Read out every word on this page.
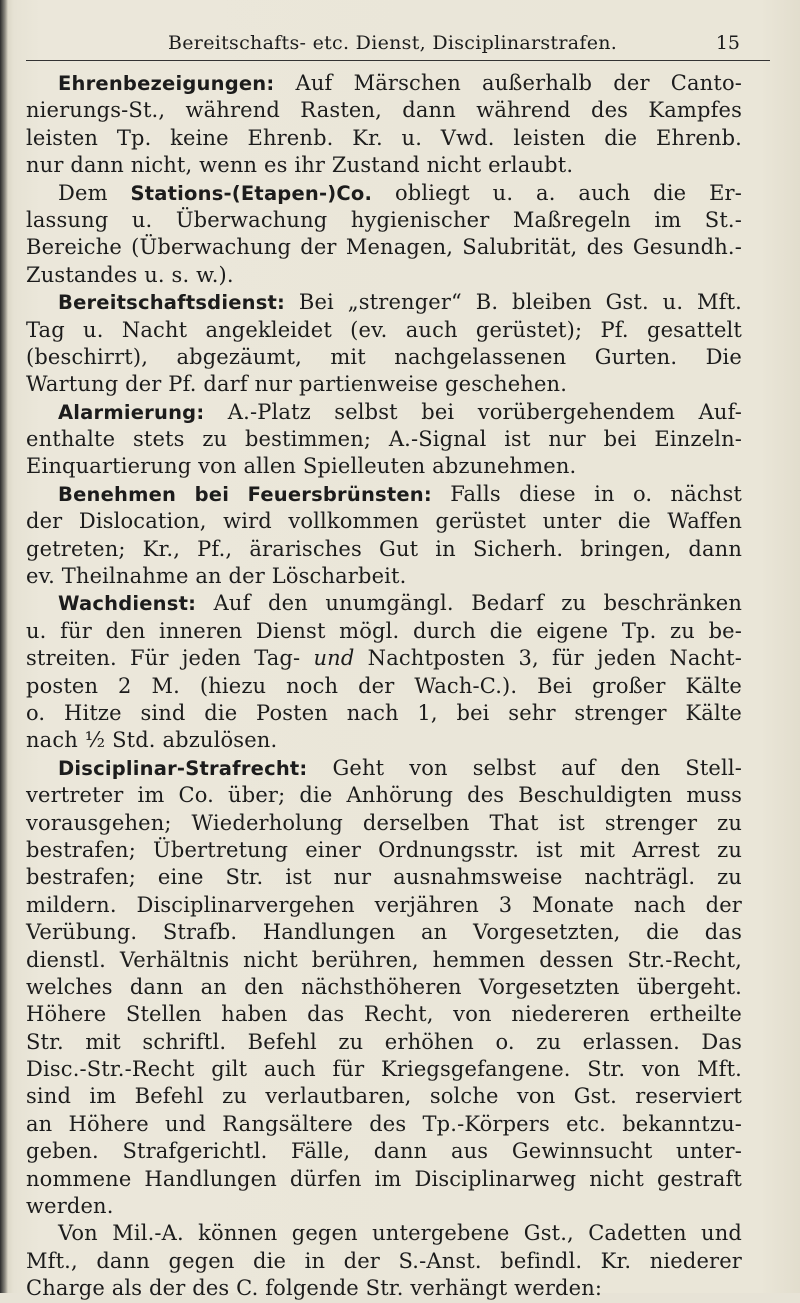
Bereitschafts- etc. Dienst, Disciplinarstrafen.	15
Ehrenbezeigungen: Auf Märschen außerhalb der Canto-
nierungs-St., während Rasten, dann während des Kampfes
leisten Tp. keine Ehrenb. Kr. u. Vwd. leisten die Ehrenb.
nur dann nicht, wenn es ihr Zustand nicht erlaubt.
Dem Stations-(Etapen-)Co. obliegt u. a. auch die Er-
lassung u. Überwachung hygienischer Maßregeln im St.-
Bereiche (Überwachung der Menagen, Salubrität, des Gesundh.-
Zustandes u. s. w.).
Bereitschaftsdienst: Bei „strenger“ B. bleiben Gst. u. Mft.
Tag u. Nacht angekleidet (ev. auch gerüstet); Pf. gesattelt
(beschirrt), abgezäumt, mit nachgelassenen Gurten. Die
Wartung der Pf. darf nur partienweise geschehen.
Alarmierung: A.-Platz selbst bei vorübergehendem Auf-
enthalte stets zu bestimmen; A.-Signal ist nur bei Einzeln-
Einquartierung von allen Spielleuten abzunehmen.
Benehmen bei Feuersbrünsten: Falls diese in o. nächst
der Dislocation, wird vollkommen gerüstet unter die Waffen
getreten; Kr., Pf., ärarisches Gut in Sicherh. bringen, dann
ev. Theilnahme an der Löscharbeit.
Wachdienst: Auf den unumgängl. Bedarf zu beschränken
u. für den inneren Dienst mögl. durch die eigene Tp. zu be-
streiten. Für jeden Tag- und Nachtposten 3, für jeden Nacht-
posten 2 M. (hiezu noch der Wach-C.). Bei großer Kälte
o. Hitze sind die Posten nach 1, bei sehr strenger Kälte
nach ½ Std. abzulösen.
Disciplinar-Strafrecht: Geht von selbst auf den Stell-
vertreter im Co. über; die Anhörung des Beschuldigten muss
vorausgehen; Wiederholung derselben That ist strenger zu
bestrafen; Übertretung einer Ordnungsstr. ist mit Arrest zu
bestrafen; eine Str. ist nur ausnahmsweise nachträgl. zu
mildern. Disciplinarvergehen verjähren 3 Monate nach der
Verübung. Strafb. Handlungen an Vorgesetzten, die das
dienstl. Verhältnis nicht berühren, hemmen dessen Str.-Recht,
welches dann an den nächsthöheren Vorgesetzten übergeht.
Höhere Stellen haben das Recht, von niedereren ertheilte
Str. mit schriftl. Befehl zu erhöhen o. zu erlassen. Das
Disc.-Str.-Recht gilt auch für Kriegsgefangene. Str. von Mft.
sind im Befehl zu verlautbaren, solche von Gst. reserviert
an Höhere und Rangsältere des Tp.-Körpers etc. bekanntzu-
geben. Strafgerichtl. Fälle, dann aus Gewinnsucht unter-
nommene Handlungen dürfen im Disciplinarweg nicht gestraft
werden.
Von Mil.-A. können gegen untergebene Gst., Cadetten und
Mft., dann gegen die in der S.-Anst. befindl. Kr. niederer
Charge als der des C. folgende Str. verhängt werden:
